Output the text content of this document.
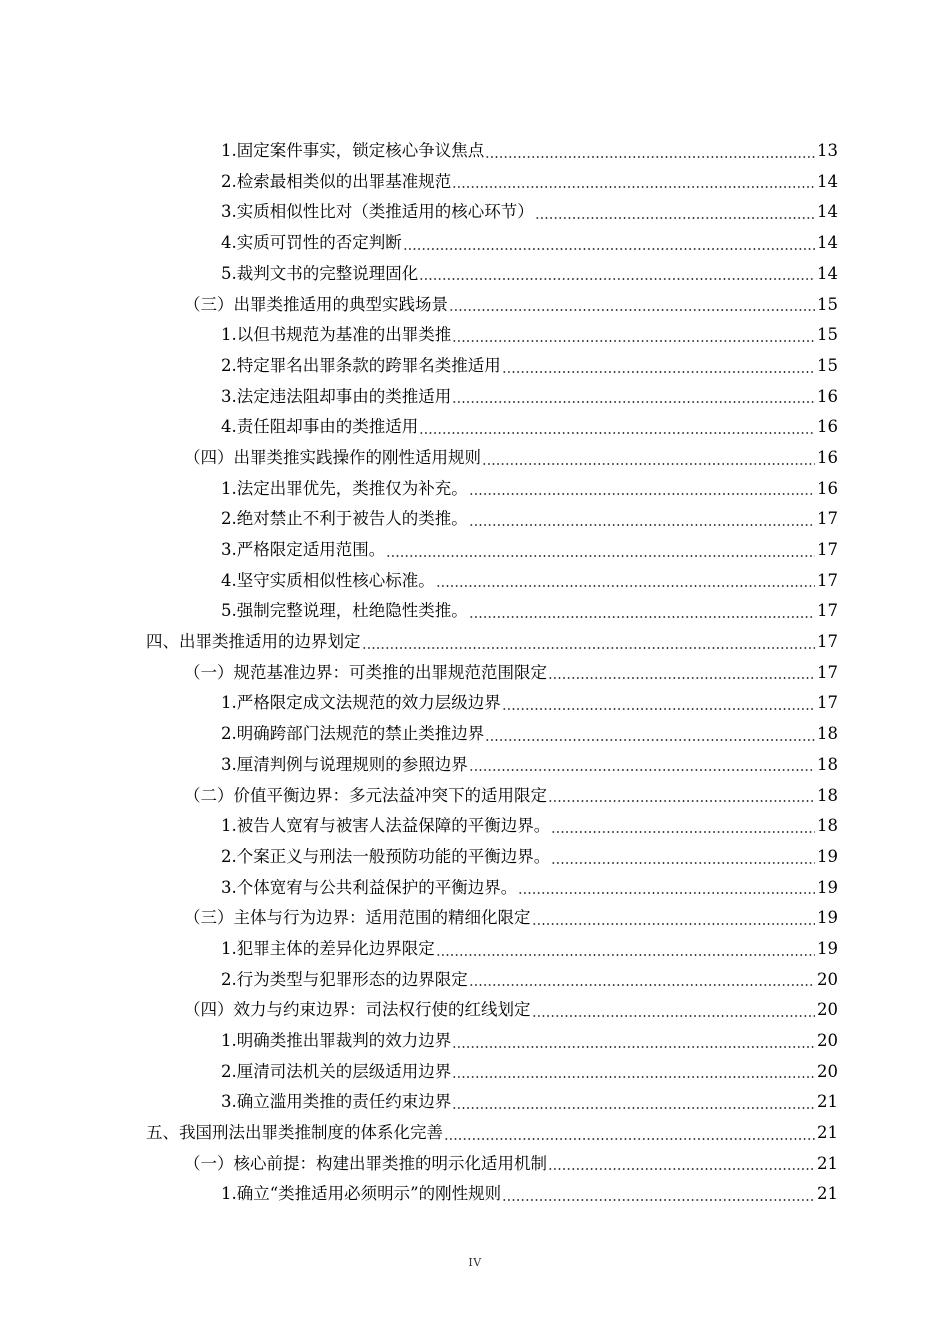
1.固定案件事实，锁定核心争议焦点	13
2.检索最相类似的出罪基准规范	14
3.实质相似性比对（类推适用的核心环节）	14
4.实质可罚性的否定判断	14
5.裁判文书的完整说理固化	14
（三）出罪类推适用的典型实践场景	15
1.以但书规范为基准的出罪类推	15
2.特定罪名出罪条款的跨罪名类推适用	15
3.法定违法阻却事由的类推适用	16
4.责任阻却事由的类推适用	16
（四）出罪类推实践操作的刚性适用规则	16
1.法定出罪优先，类推仅为补充。	16
2.绝对禁止不利于被告人的类推。	17
3.严格限定适用范围。	17
4.坚守实质相似性核心标准。	17
5.强制完整说理，杜绝隐性类推。	17
四、出罪类推适用的边界划定	17
（一）规范基准边界：可类推的出罪规范范围限定	17
1.严格限定成文法规范的效力层级边界	17
2.明确跨部门法规范的禁止类推边界	18
3.厘清判例与说理规则的参照边界	18
（二）价值平衡边界：多元法益冲突下的适用限定	18
1.被告人宽宥与被害人法益保障的平衡边界。	18
2.个案正义与刑法一般预防功能的平衡边界。	19
3.个体宽宥与公共利益保护的平衡边界。	19
（三）主体与行为边界：适用范围的精细化限定	19
1.犯罪主体的差异化边界限定	19
2.行为类型与犯罪形态的边界限定	20
（四）效力与约束边界：司法权行使的红线划定	20
1.明确类推出罪裁判的效力边界	20
2.厘清司法机关的层级适用边界	20
3.确立滥用类推的责任约束边界	21
五、我国刑法出罪类推制度的体系化完善	21
（一）核心前提：构建出罪类推的明示化适用机制	21
1.确立“类推适用必须明示”的刚性规则	21
IV
